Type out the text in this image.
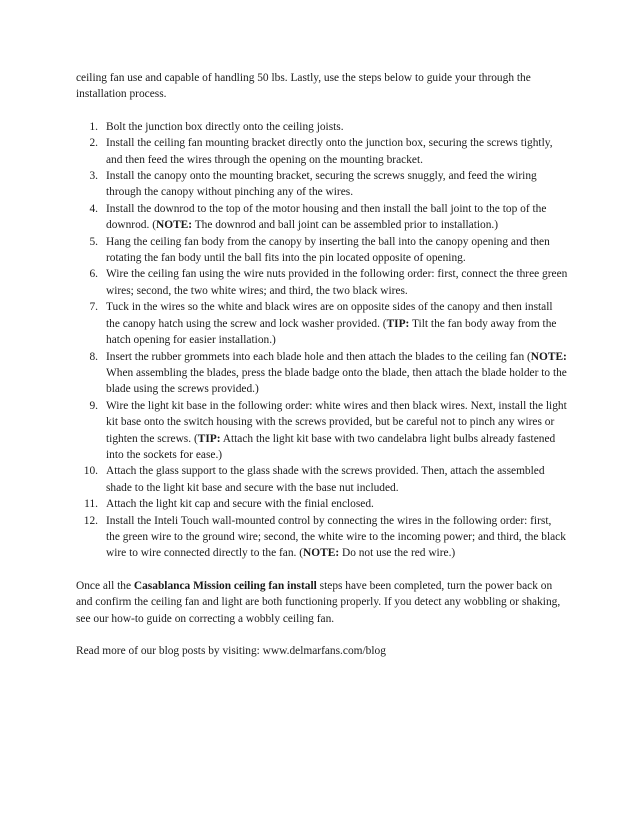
ceiling fan use and capable of handling 50 lbs. Lastly, use the steps below to guide your through the installation process.

1. Bolt the junction box directly onto the ceiling joists.
2. Install the ceiling fan mounting bracket directly onto the junction box, securing the screws tightly, and then feed the wires through the opening on the mounting bracket.
3. Install the canopy onto the mounting bracket, securing the screws snuggly, and feed the wiring through the canopy without pinching any of the wires.
4. Install the downrod to the top of the motor housing and then install the ball joint to the top of the downrod. (NOTE: The downrod and ball joint can be assembled prior to installation.)
5. Hang the ceiling fan body from the canopy by inserting the ball into the canopy opening and then rotating the fan body until the ball fits into the pin located opposite of opening.
6. Wire the ceiling fan using the wire nuts provided in the following order: first, connect the three green wires; second, the two white wires; and third, the two black wires.
7. Tuck in the wires so the white and black wires are on opposite sides of the canopy and then install the canopy hatch using the screw and lock washer provided. (TIP: Tilt the fan body away from the hatch opening for easier installation.)
8. Insert the rubber grommets into each blade hole and then attach the blades to the ceiling fan (NOTE: When assembling the blades, press the blade badge onto the blade, then attach the blade holder to the blade using the screws provided.)
9. Wire the light kit base in the following order: white wires and then black wires. Next, install the light kit base onto the switch housing with the screws provided, but be careful not to pinch any wires or tighten the screws. (TIP: Attach the light kit base with two candelabra light bulbs already fastened into the sockets for ease.)
10. Attach the glass support to the glass shade with the screws provided. Then, attach the assembled shade to the light kit base and secure with the base nut included.
11. Attach the light kit cap and secure with the finial enclosed.
12. Install the Inteli Touch wall-mounted control by connecting the wires in the following order: first, the green wire to the ground wire; second, the white wire to the incoming power; and third, the black wire to wire connected directly to the fan. (NOTE: Do not use the red wire.)

Once all the Casablanca Mission ceiling fan install steps have been completed, turn the power back on and confirm the ceiling fan and light are both functioning properly. If you detect any wobbling or shaking, see our how-to guide on correcting a wobbly ceiling fan.

Read more of our blog posts by visiting: www.delmarfans.com/blog
